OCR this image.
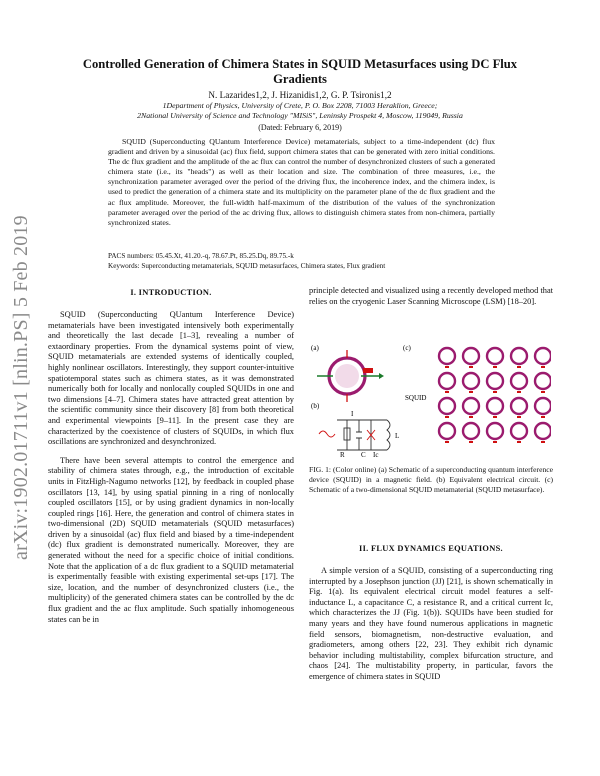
arXiv:1902.01711v1 [nlin.PS] 5 Feb 2019
Controlled Generation of Chimera States in SQUID Metasurfaces using DC Flux Gradients
N. Lazarides1,2, J. Hizanidis1,2, G. P. Tsironis1,2
1Department of Physics, University of Crete, P. O. Box 2208, 71003 Heraklion, Greece;
2National University of Science and Technology "MISiS", Leninsky Prospekt 4, Moscow, 119049, Russia
(Dated: February 6, 2019)

SQUID (Superconducting QUantum Interference Device) metamaterials, subject to a time-independent (dc) flux gradient and driven by a sinusoidal (ac) flux field, support chimera states that can be generated with zero initial conditions. The dc flux gradient and the amplitude of the ac flux can control the number of desynchronized clusters of such a generated chimera state (i.e., its "heads") as well as their location and size. The combination of three measures, i.e., the synchronization parameter averaged over the period of the driving flux, the incoherence index, and the chimera index, is used to predict the generation of a chimera state and its multiplicity on the parameter plane of the dc flux gradient and the ac flux amplitude. Moreover, the full-width half-maximum of the distribution of the values of the synchronization parameter averaged over the period of the ac driving flux, allows to distinguish chimera states from non-chimera, partially synchronized states.

PACS numbers: 05.45.Xt, 41.20.-q, 78.67.Pt, 85.25.Dq, 89.75.-k
Keywords: Superconducting metamaterials, SQUID metasurfaces, Chimera states, Flux gradient
I. INTRODUCTION.

SQUID (Superconducting QUantum Interference Device) metamaterials have been investigated intensively both experimentally and theoretically the last decade [1–3], revealing a number of extaordinary properties. From the dynamical systems point of view, SQUID metamaterials are extended systems of identically coupled, highly nonlinear oscillators. Interestingly, they support counter-intuitive spatiotemporal states such as chimera states, as it was demonstrated numerically both for locally and nonlocally coupled SQUIDs in one and two dimensions [4–7]. Chimera states have attracted great attention by the scientific community since their discovery [8] from both theoretical and experimental viewpoints [9–11]. In the present case they are characterized by the coexistence of clusters of SQUIDs, in which flux oscillations are synchronized and desynchronized.

There have been several attempts to control the emergence and stability of chimera states through, e.g., the introduction of excitable units in FitzHigh-Nagumo networks [12], by feedback in coupled phase oscillators [13, 14], by using spatial pinning in a ring of nonlocally coupled oscillators [15], or by using gradient dynamics in non-locally coupled rings [16]. Here, the generation and control of chimera states in two-dimensional (2D) SQUID metamaterials (SQUID metasurfaces) driven by a sinusoidal (ac) flux field and biased by a time-independent (dc) flux gradient is demonstrated numerically. Moreover, they are generated without the need for a specific choice of initial conditions. Note that the application of a dc flux gradient to a SQUID metamaterial is experimentally feasible with existing experimental set-ups [17]. The size, location, and the number of desynchronized clusters (i.e., the multiplicity) of the generated chimera states can be controlled by the dc flux gradient and the ac flux amplitude. Such spatially inhomogeneous states can be in

principle detected and visualized using a recently developed method that relies on the cryogenic Laser Scanning Microscope (LSM) [18–20].

(a)
(b)
I
C
R	Ic
L
(c)
SQUID
FIG. 1: (Color online) (a) Schematic of a superconducting quantum interference device (SQUID) in a magnetic field. (b) Equivalent electrical circuit. (c) Schematic of a two-dimensional SQUID metamaterial (SQUID metasurface).
II. FLUX DYNAMICS EQUATIONS.

A simple version of a SQUID, consisting of a superconducting ring interrupted by a Josephson junction (JJ) [21], is shown schematically in Fig. 1(a). Its equivalent electrical circuit model features a self-inductance L, a capacitance C, a resistance R, and a critical current Ic, which characterizes the JJ (Fig. 1(b)). SQUIDs have been studied for many years and they have found numerous applications in magnetic field sensors, biomagnetism, non-destructive evaluation, and gradiometers, among others [22, 23]. They exhibit rich dynamic behavior including multistability, complex bifurcation structure, and chaos [24]. The multistability property, in particular, favors the emergence of chimera states in SQUID
